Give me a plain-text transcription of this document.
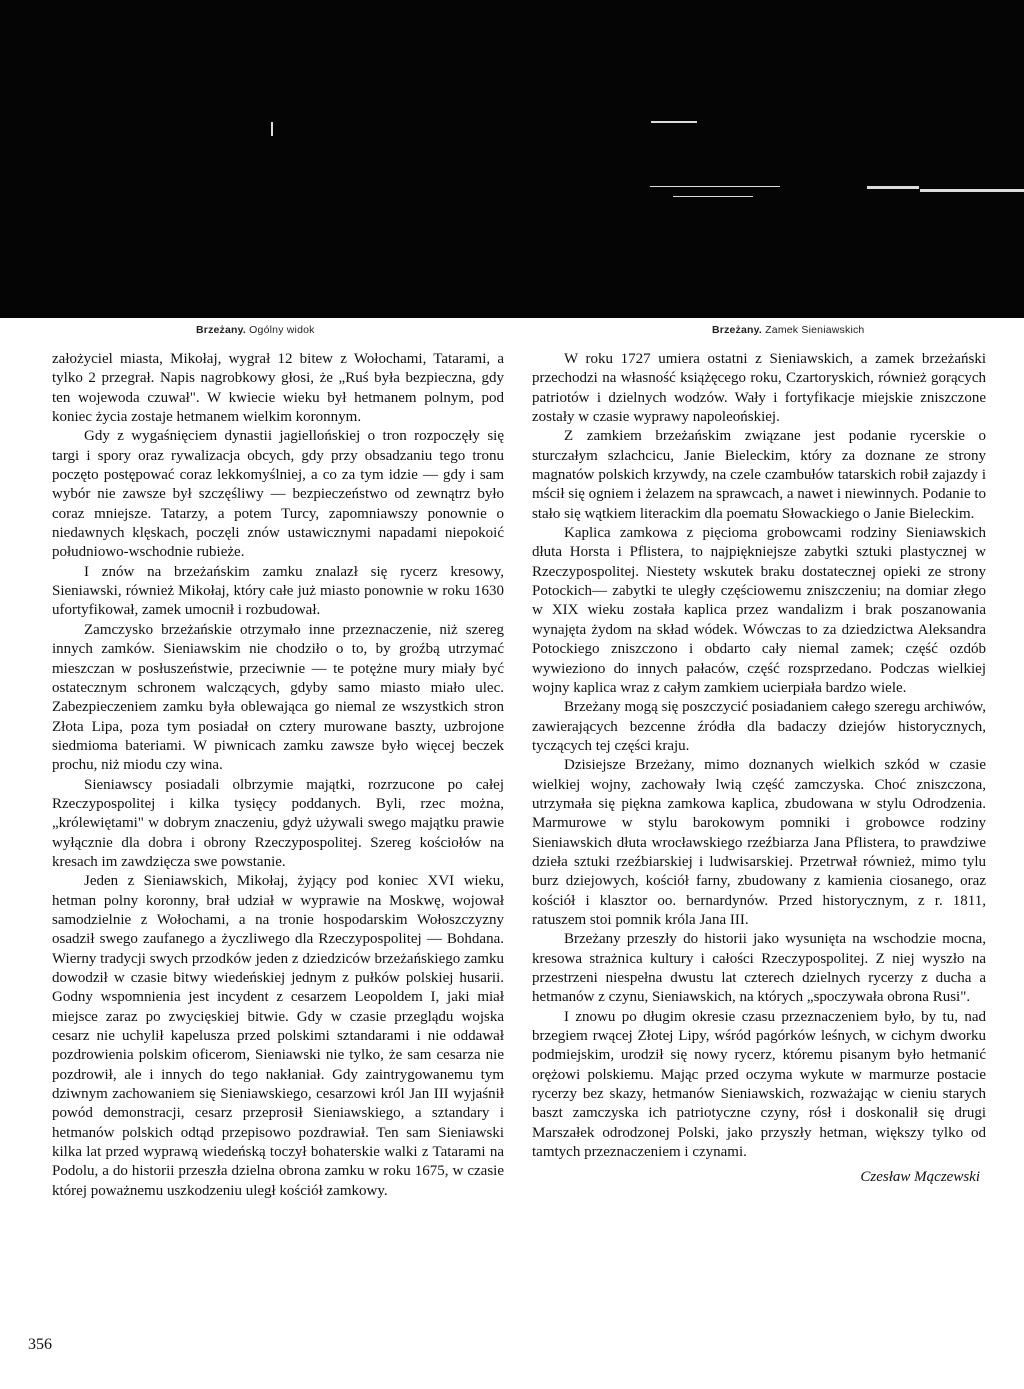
Brzeżany. Ogólny widok	Brzeżany. Zamek Sieniawskich

założyciel miasta, Mikołaj, wygrał 12 bitew z Wołochami, Tatarami, a tylko 2 przegrał. Napis nagrobkowy głosi, że „Ruś była bezpieczna, gdy ten wojewoda czuwał". W kwiecie wieku był hetmanem polnym, pod koniec życia zostaje hetmanem wielkim koronnym.

Gdy z wygaśnięciem dynastii jagiellońskiej o tron rozpoczęły się targi i spory oraz rywalizacja obcych, gdy przy obsadzaniu tego tronu poczęto postępować coraz lekkomyślniej, a co za tym idzie — gdy i sam wybór nie zawsze był szczęśliwy — bezpieczeństwo od zewnątrz było coraz mniejsze. Tatarzy, a potem Turcy, zapomniawszy ponownie o niedawnych klęskach, poczęli znów ustawicznymi napadami niepokoić południowo-wschodnie rubieże.

I znów na brzeżańskim zamku znalazł się rycerz kresowy, Sieniawski, również Mikołaj, który całe już miasto ponownie w roku 1630 ufortyfikował, zamek umocnił i rozbudował.

Zamczysko brzeżańskie otrzymało inne przeznaczenie, niż szereg innych zamków. Sieniawskim nie chodziło o to, by groźbą utrzymać mieszczan w posłuszeństwie, przeciwnie — te potężne mury miały być ostatecznym schronem walczących, gdyby samo miasto miało ulec. Zabezpieczeniem zamku była oblewająca go niemal ze wszystkich stron Złota Lipa, poza tym posiadał on cztery murowane baszty, uzbrojone siedmioma bateriami. W piwnicach zamku zawsze było więcej beczek prochu, niż miodu czy wina.

Sieniawscy posiadali olbrzymie majątki, rozrzucone po całej Rzeczypospolitej i kilka tysięcy poddanych. Byli, rzec można, „królewiętami" w dobrym znaczeniu, gdyż używali swego majątku prawie wyłącznie dla dobra i obrony Rzeczypospolitej. Szereg kościołów na kresach im zawdzięcza swe powstanie.

Jeden z Sieniawskich, Mikołaj, żyjący pod koniec XVI wieku, hetman polny koronny, brał udział w wyprawie na Moskwę, wojował samodzielnie z Wołochami, a na tronie hospodarskim Wołoszczyzny osadził swego zaufanego a życzliwego dla Rzeczypospolitej — Bohdana. Wierny tradycji swych przodków jeden z dziedziców brzeżańskiego zamku dowodził w czasie bitwy wiedeńskiej jednym z pułków polskiej husarii. Godny wspomnienia jest incydent z cesarzem Leopoldem I, jaki miał miejsce zaraz po zwycięskiej bitwie. Gdy w czasie przeglądu wojska cesarz nie uchylił kapelusza przed polskimi sztandarami i nie oddawał pozdrowienia polskim oficerom, Sieniawski nie tylko, że sam cesarza nie pozdrowił, ale i innych do tego nakłaniał. Gdy zaintrygowanemu tym dziwnym zachowaniem się Sieniawskiego, cesarzowi król Jan III wyjaśnił powód demonstracji, cesarz przeprosił Sieniawskiego, a sztandary i hetmanów polskich odtąd przepisowo pozdrawiał. Ten sam Sieniawski kilka lat przed wyprawą wiedeńską toczył bohaterskie walki z Tatarami na Podolu, a do historii przeszła dzielna obrona zamku w roku 1675, w czasie której poważnemu uszkodzeniu uległ kościół zamkowy.

W roku 1727 umiera ostatni z Sieniawskich, a zamek brzeżański przechodzi na własność książęcego roku, Czartoryskich, również gorących patriotów i dzielnych wodzów. Wały i fortyfikacje miejskie zniszczone zostały w czasie wyprawy napoleońskiej.

Z zamkiem brzeżańskim związane jest podanie rycerskie o sturczałym szlachcicu, Janie Bieleckim, który za doznane ze strony magnatów polskich krzywdy, na czele czambułów tatarskich robił zajazdy i mścił się ogniem i żelazem na sprawcach, a nawet i niewinnych. Podanie to stało się wątkiem literackim dla poematu Słowackiego o Janie Bieleckim.

Kaplica zamkowa z pięcioma grobowcami rodziny Sieniawskich dłuta Horsta i Pflistera, to najpiękniejsze zabytki sztuki plastycznej w Rzeczypospolitej. Niestety wskutek braku dostatecznej opieki ze strony Potockich— zabytki te uległy częściowemu zniszczeniu; na domiar złego w XIX wieku została kaplica przez wandalizm i brak poszanowania wynajęta żydom na skład wódek. Wówczas to za dziedzictwa Aleksandra Potockiego zniszczono i obdarto cały niemal zamek; część ozdób wywieziono do innych pałaców, część rozsprzedano. Podczas wielkiej wojny kaplica wraz z całym zamkiem ucierpiała bardzo wiele.

Brzeżany mogą się poszczycić posiadaniem całego szeregu archiwów, zawierających bezcenne źródła dla badaczy dziejów historycznych, tyczących tej części kraju.

Dzisiejsze Brzeżany, mimo doznanych wielkich szkód w czasie wielkiej wojny, zachowały lwią część zamczyska. Choć zniszczona, utrzymała się piękna zamkowa kaplica, zbudowana w stylu Odrodzenia. Marmurowe w stylu barokowym pomniki i grobowce rodziny Sieniawskich dłuta wrocławskiego rzeźbiarza Jana Pflistera, to prawdziwe dzieła sztuki rzeźbiarskiej i ludwisarskiej. Przetrwał również, mimo tylu burz dziejowych, kościół farny, zbudowany z kamienia ciosanego, oraz kościół i klasztor oo. bernardynów. Przed historycznym, z r. 1811, ratuszem stoi pomnik króla Jana III.

Brzeżany przeszły do historii jako wysunięta na wschodzie mocna, kresowa strażnica kultury i całości Rzeczypospolitej. Z niej wyszło na przestrzeni niespełna dwustu lat czterech dzielnych rycerzy z ducha a hetmanów z czynu, Sieniawskich, na których „spoczywała obrona Rusi".

I znowu po długim okresie czasu przeznaczeniem było, by tu, nad brzegiem rwącej Złotej Lipy, wśród pagórków leśnych, w cichym dworku podmiejskim, urodził się nowy rycerz, któremu pisanym było hetmanić orężowi polskiemu. Mając przed oczyma wykute w marmurze postacie rycerzy bez skazy, hetmanów Sieniawskich, rozważając w cieniu starych baszt zamczyska ich patriotyczne czyny, rósł i doskonalił się drugi Marszałek odrodzonej Polski, jako przyszły hetman, większy tylko od tamtych przeznaczeniem i czynami.

Czesław Mączewski
356
